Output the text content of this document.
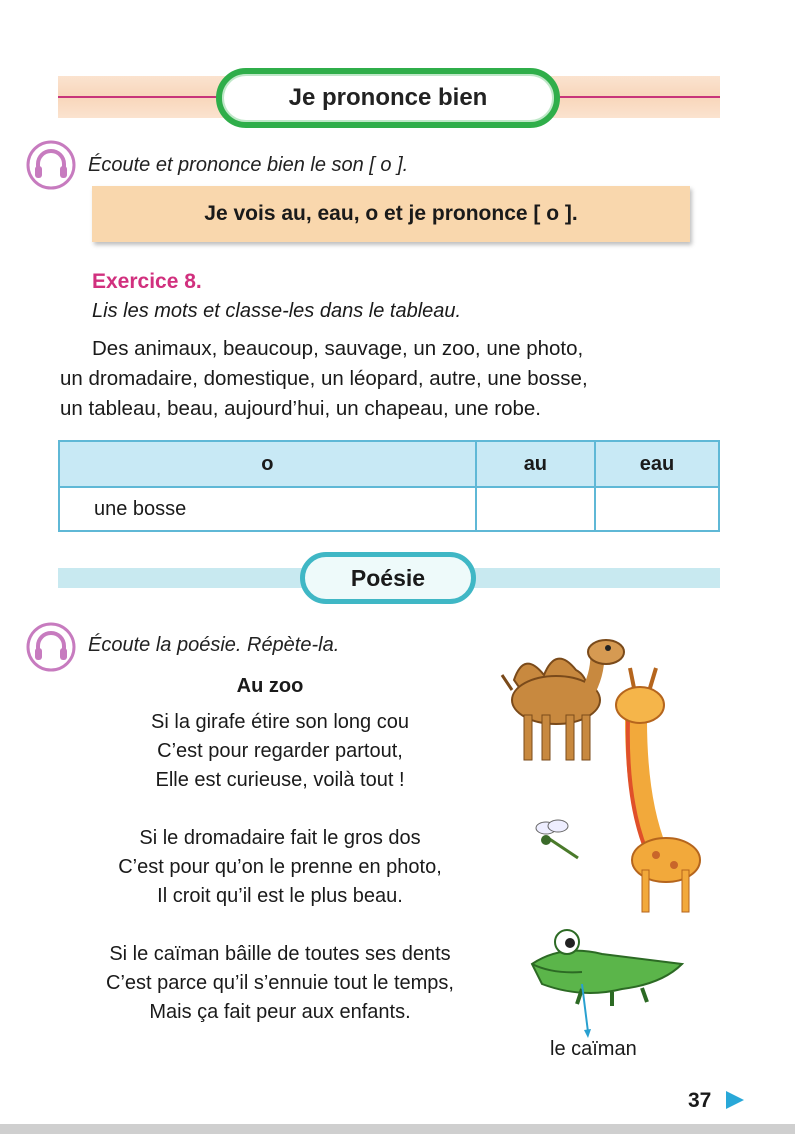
Je prononce bien
Écoute et prononce bien le son [ o ].
Je vois au, eau, o et je prononce [ o ].
Exercice 8.
Lis les mots et classe-les dans le tableau.
Des animaux, beaucoup, sauvage, un zoo, une photo,
un dromadaire, domestique, un léopard, autre, une bosse,
un tableau, beau, aujourd’hui, un chapeau, une robe.
o	au	eau
une bosse		
Poésie
Écoute la poésie. Répète-la.
Au zoo
Si la girafe étire son long cou
C’est pour regarder partout,
Elle est curieuse, voilà tout !
Si le dromadaire fait le gros dos
C’est pour qu’on le prenne en photo,
Il croit qu’il est le plus beau.
Si le caïman bâille de toutes ses dents
C’est parce qu’il s’ennuie tout le temps,
Mais ça fait peur aux enfants.
le caïman
37
